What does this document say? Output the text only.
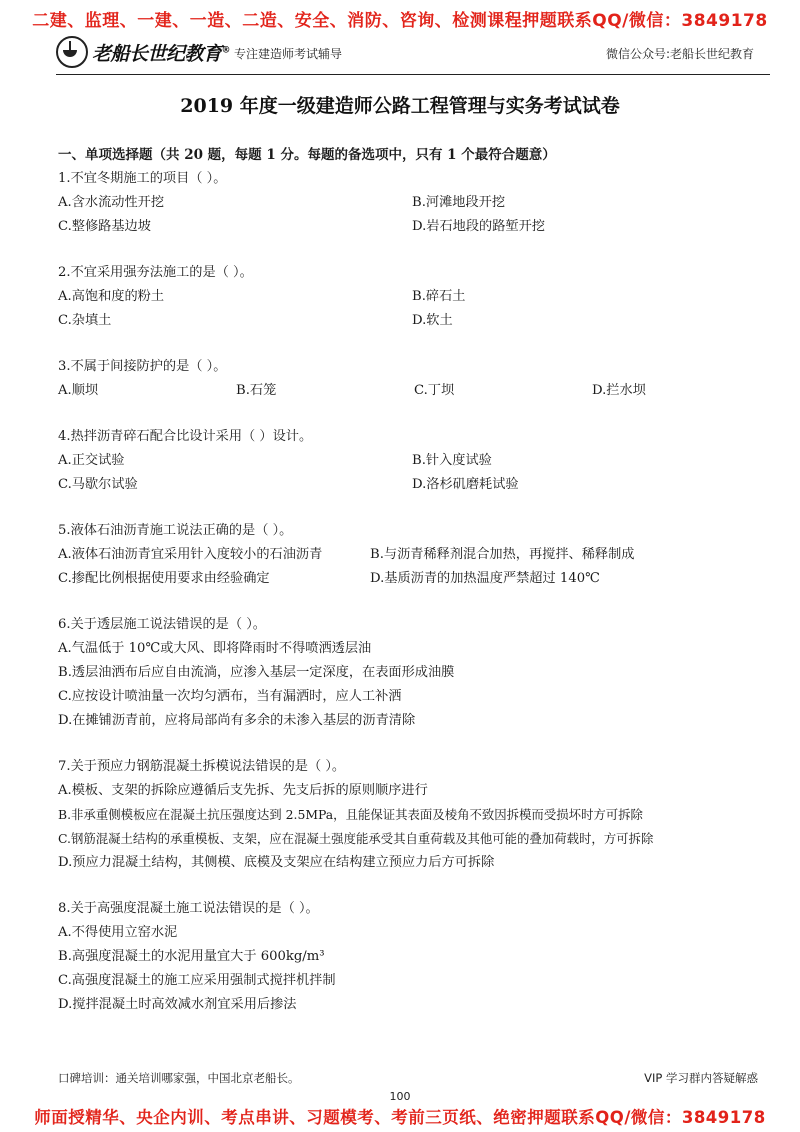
二建、监理、一建、一造、二造、安全、消防、咨询、检测课程押题联系QQ/微信：3849178
老船长世纪教育® 专注建造师考试辅导	微信公众号:老船长世纪教育
2019 年度一级建造师公路工程管理与实务考试试卷
一、单项选择题（共 20 题，每题 1 分。每题的备选项中，只有 1 个最符合题意）
1.不宜冬期施工的项目（ ）。
A.含水流动性开挖	B.河滩地段开挖
C.整修路基边坡	D.岩石地段的路堑开挖
2.不宜采用强夯法施工的是（ ）。
A.高饱和度的粉土	B.碎石土
C.杂填土	D.软土
3.不属于间接防护的是（ ）。
A.顺坝	B.石笼	C.丁坝	D.拦水坝
4.热拌沥青碎石配合比设计采用（ ）设计。
A.正交试验	B.针入度试验
C.马歇尔试验	D.洛杉矶磨耗试验
5.液体石油沥青施工说法正确的是（ ）。
A.液体石油沥青宜采用针入度较小的石油沥青	B.与沥青稀释剂混合加热，再搅拌、稀释制成
C.掺配比例根据使用要求由经验确定	D.基质沥青的加热温度严禁超过 140℃
6.关于透层施工说法错误的是（ ）。
A.气温低于 10℃或大风、即将降雨时不得喷洒透层油
B.透层油洒布后应自由流淌，应渗入基层一定深度，在表面形成油膜
C.应按设计喷油量一次均匀洒布，当有漏洒时，应人工补洒
D.在摊铺沥青前，应将局部尚有多余的未渗入基层的沥青清除
7.关于预应力钢筋混凝土拆模说法错误的是（ ）。
A.模板、支架的拆除应遵循后支先拆、先支后拆的原则顺序进行
B.非承重侧模板应在混凝土抗压强度达到 2.5MPa，且能保证其表面及棱角不致因拆模而受损坏时方可拆除
C.钢筋混凝土结构的承重模板、支架，应在混凝土强度能承受其自重荷载及其他可能的叠加荷载时，方可拆除
D.预应力混凝土结构，其侧模、底模及支架应在结构建立预应力后方可拆除
8.关于高强度混凝土施工说法错误的是（ ）。
A.不得使用立窑水泥
B.高强度混凝土的水泥用量宜大于 600kg/m³
C.高强度混凝土的施工应采用强制式搅拌机拌制
D.搅拌混凝土时高效减水剂宜采用后掺法
口碑培训：通关培训哪家强，中国北京老船长。	VIP 学习群内答疑解惑
100
师面授精华、央企内训、考点串讲、习题模考、考前三页纸、绝密押题联系QQ/微信：3849178
